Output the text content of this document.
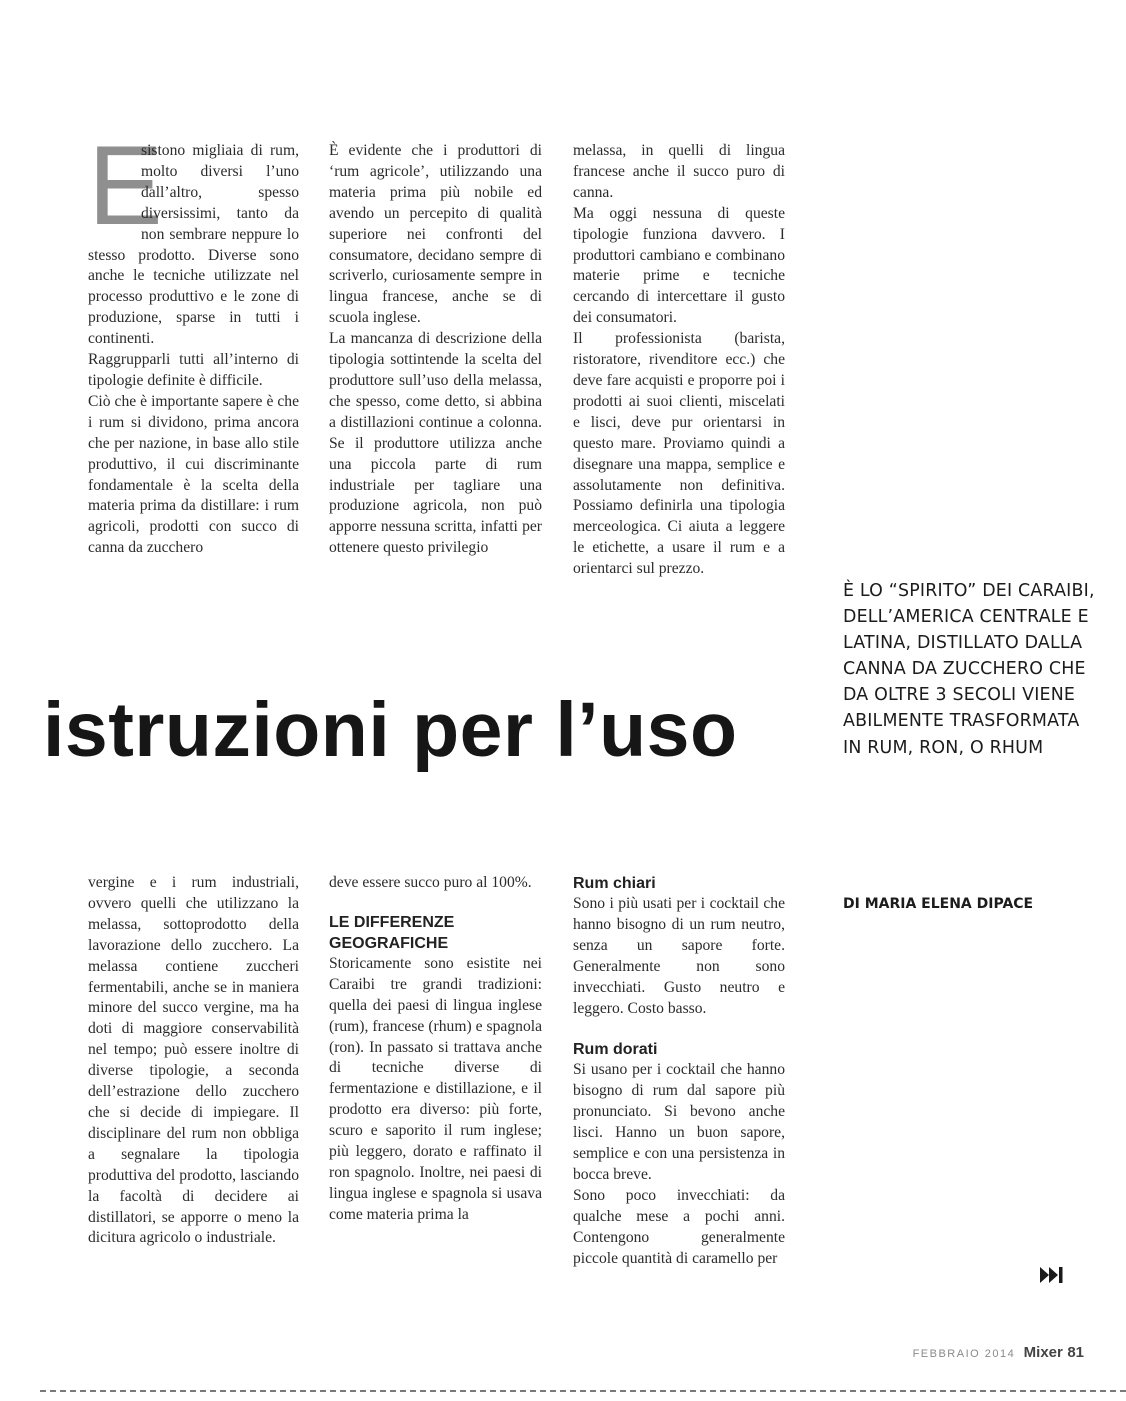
E

sistono migliaia di rum, molto diversi l’uno dall’altro, spesso diversissimi, tanto da non sembrare neppure lo stesso prodotto. Diverse sono anche le tecniche utilizzate nel processo produttivo e le zone di produzione, sparse in tutti i continenti.

Raggrupparli tutti all’interno di tipologie definite è difficile.

Ciò che è importante sapere è che i rum si dividono, prima ancora che per nazione, in base allo stile produttivo, il cui discriminante fondamentale è la scelta della materia prima da distillare: i rum agricoli, prodotti con succo di canna da zucchero

È evidente che i produttori di ‘rum agricole’, utilizzando una materia prima più nobile ed avendo un percepito di qualità superiore nei confronti del consumatore, decidano sempre di scriverlo, curiosamente sempre in lingua francese, anche se di scuola inglese.

La mancanza di descrizione della tipologia sottintende la scelta del produttore sull’uso della melassa, che spesso, come detto, si abbina a distillazioni continue a colonna. Se il produttore utilizza anche una piccola parte di rum industriale per tagliare una produzione agricola, non può apporre nessuna scritta, infatti per ottenere questo privilegio

melassa, in quelli di lingua francese anche il succo puro di canna.

Ma oggi nessuna di queste tipologie funziona davvero. I produttori cambiano e combinano materie prime e tecniche cercando di intercettare il gusto dei consumatori.

Il professionista (barista, ristoratore, rivenditore ecc.) che deve fare acquisti e proporre poi i prodotti ai suoi clienti, miscelati e lisci, deve pur orientarsi in questo mare. Proviamo quindi a disegnare una mappa, semplice e assolutamente non definitiva. Possiamo definirla una tipologia merceologica. Ci aiuta a leggere le etichette, a usare il rum e a orientarci sul prezzo.

istruzioni per l’uso
È LO “SPIRITO” DEI CARAIBI, DELL’AMERICA CENTRALE E LATINA, DISTILLATO DALLA CANNA DA ZUCCHERO CHE DA OLTRE 3 SECOLI VIENE ABILMENTE TRASFORMATA IN RUM, RON, O RHUM
DI MARIA ELENA DIPACE

vergine e i rum industriali, ovvero quelli che utilizzano la melassa, sottoprodotto della lavorazione dello zucchero. La melassa contiene zuccheri fermentabili, anche se in maniera minore del succo vergine, ma ha doti di maggiore conservabilità nel tempo; può essere inoltre di diverse tipologie, a seconda dell’estrazione dello zucchero che si decide di impiegare. Il disciplinare del rum non obbliga a segnalare la tipologia produttiva del prodotto, lasciando la facoltà di decidere ai distillatori, se apporre o meno la dicitura agricolo o industriale.

deve essere succo puro al 100%.

LE DIFFERENZE GEOGRAFICHE

Storicamente sono esistite nei Caraibi tre grandi tradizioni: quella dei paesi di lingua inglese (rum), francese (rhum) e spagnola (ron). In passato si trattava anche di tecniche diverse di fermentazione e distillazione, e il prodotto era diverso: più forte, scuro e saporito il rum inglese; più leggero, dorato e raffinato il ron spagnolo. Inoltre, nei paesi di lingua inglese e spagnola si usava come materia prima la

Rum chiari

Sono i più usati per i cocktail che hanno bisogno di un rum neutro, senza un sapore forte. Generalmente non sono invecchiati. Gusto neutro e leggero. Costo basso.

Rum dorati

Si usano per i cocktail che hanno bisogno di rum dal sapore più pronunciato. Si bevono anche lisci. Hanno un buon sapore, semplice e con una persistenza in bocca breve.

Sono poco invecchiati: da qualche mese a pochi anni. Contengono generalmente piccole quantità di caramello per

FEBBRAIO 2014 Mixer 81
